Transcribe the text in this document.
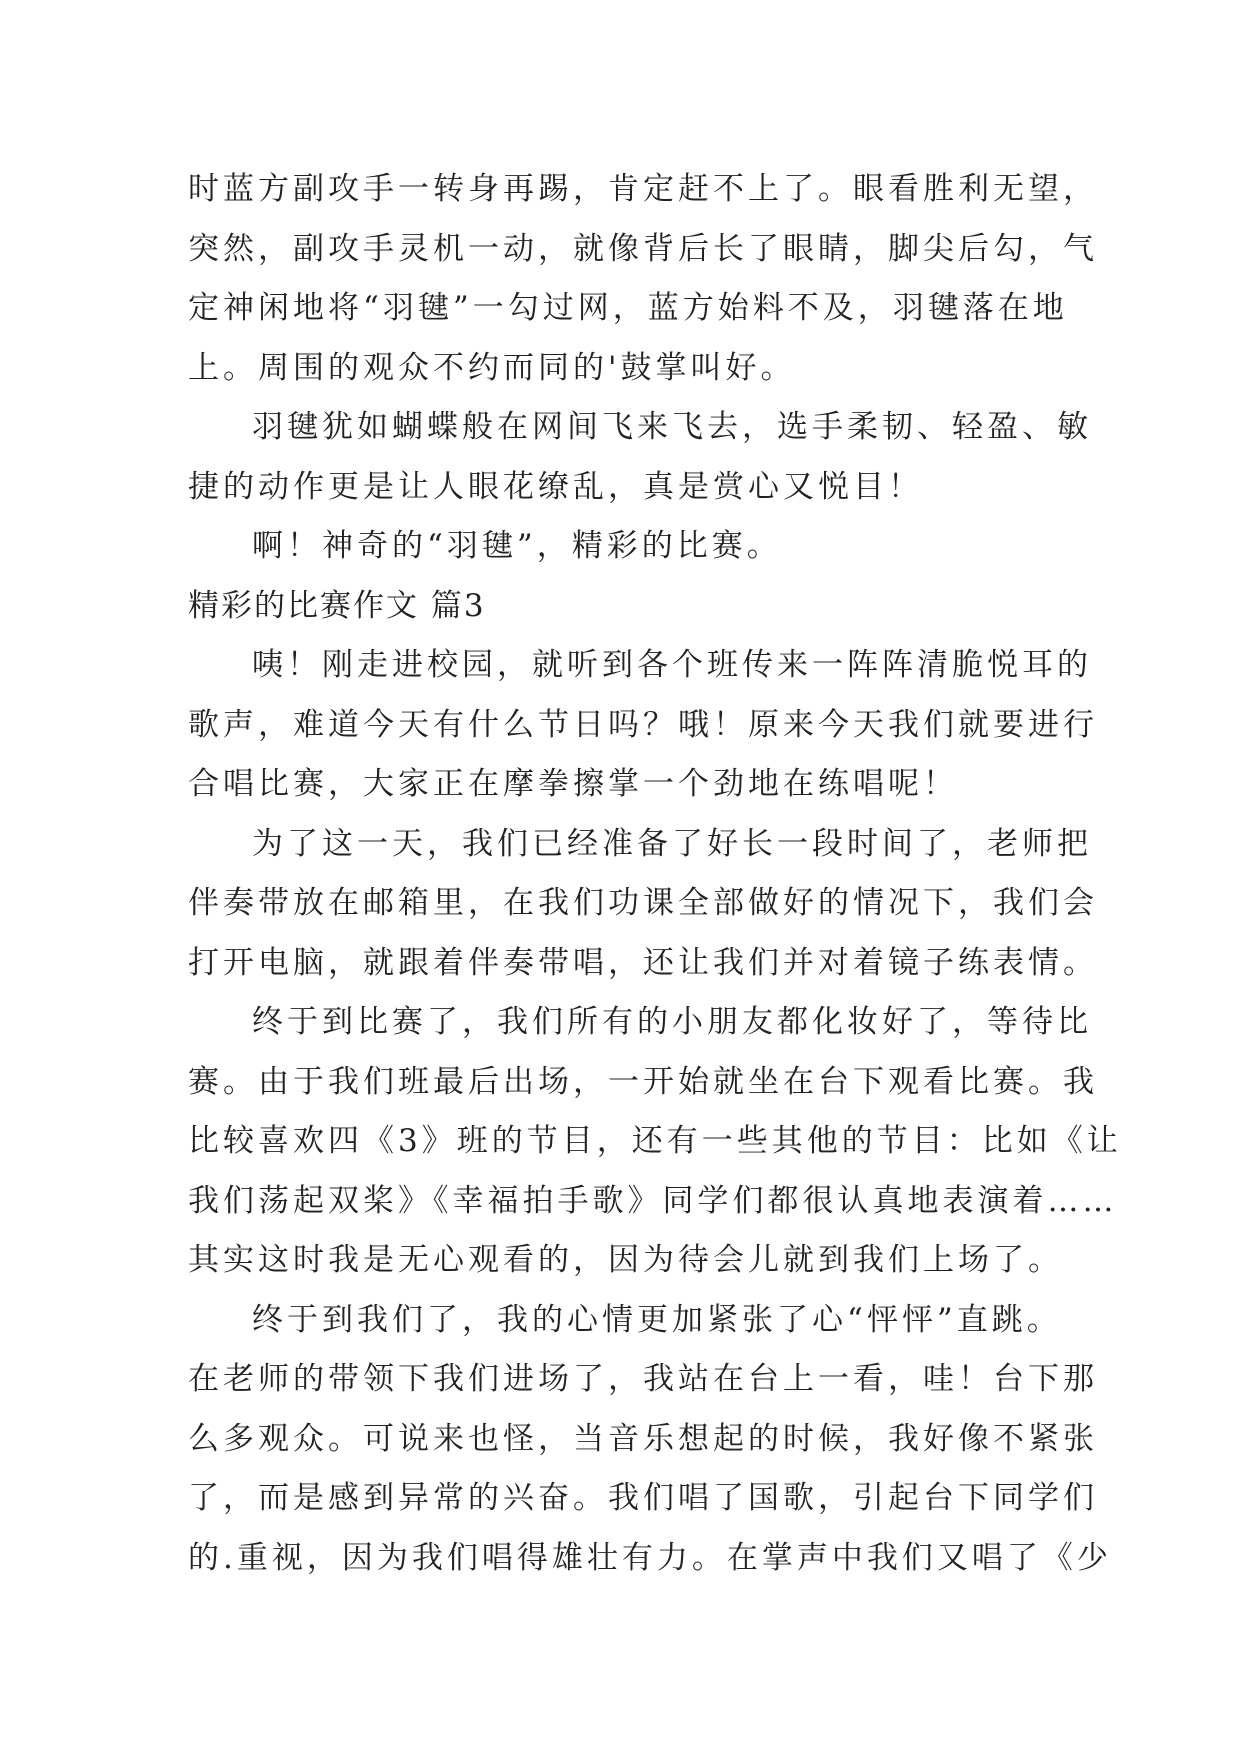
时蓝方副攻手一转身再踢，肯定赶不上了。眼看胜利无望，
突然，副攻手灵机一动，就像背后长了眼睛，脚尖后勾，气
定神闲地将“羽毽”一勾过网，蓝方始料不及，羽毽落在地
上。周围的观众不约而同的'鼓掌叫好。
羽毽犹如蝴蝶般在网间飞来飞去，选手柔韧、轻盈、敏
捷的动作更是让人眼花缭乱，真是赏心又悦目！
啊！神奇的“羽毽”，精彩的比赛。
精彩的比赛作文 篇3
咦！刚走进校园，就听到各个班传来一阵阵清脆悦耳的
歌声，难道今天有什么节日吗？哦！原来今天我们就要进行
合唱比赛，大家正在摩拳擦掌一个劲地在练唱呢！
为了这一天，我们已经准备了好长一段时间了，老师把
伴奏带放在邮箱里，在我们功课全部做好的情况下，我们会
打开电脑，就跟着伴奏带唱，还让我们并对着镜子练表情。
终于到比赛了，我们所有的小朋友都化妆好了，等待比
赛。由于我们班最后出场，一开始就坐在台下观看比赛。我
比较喜欢四《3》班的节目，还有一些其他的节目：比如《让
我们荡起双桨》《幸福拍手歌》同学们都很认真地表演着……
其实这时我是无心观看的，因为待会儿就到我们上场了。
终于到我们了，我的心情更加紧张了心“怦怦”直跳。
在老师的带领下我们进场了，我站在台上一看，哇！台下那
么多观众。可说来也怪，当音乐想起的时候，我好像不紧张
了，而是感到异常的兴奋。我们唱了国歌，引起台下同学们
的.重视，因为我们唱得雄壮有力。在掌声中我们又唱了《少
